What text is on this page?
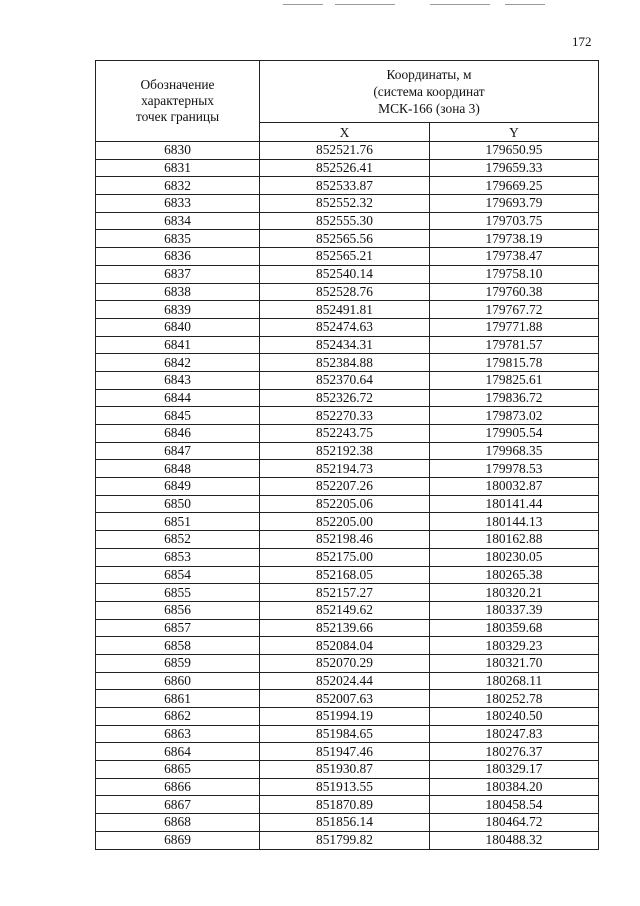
172
Обозначение
характерных
точек границы	Координаты, м
(система координат
МСК-166 (зона 3)	

	X	Y
6830	852521.76	179650.95
6831	852526.41	179659.33
6832	852533.87	179669.25
6833	852552.32	179693.79
6834	852555.30	179703.75
6835	852565.56	179738.19
6836	852565.21	179738.47
6837	852540.14	179758.10
6838	852528.76	179760.38
6839	852491.81	179767.72
6840	852474.63	179771.88
6841	852434.31	179781.57
6842	852384.88	179815.78
6843	852370.64	179825.61
6844	852326.72	179836.72
6845	852270.33	179873.02
6846	852243.75	179905.54
6847	852192.38	179968.35
6848	852194.73	179978.53
6849	852207.26	180032.87
6850	852205.06	180141.44
6851	852205.00	180144.13
6852	852198.46	180162.88
6853	852175.00	180230.05
6854	852168.05	180265.38
6855	852157.27	180320.21
6856	852149.62	180337.39
6857	852139.66	180359.68
6858	852084.04	180329.23
6859	852070.29	180321.70
6860	852024.44	180268.11
6861	852007.63	180252.78
6862	851994.19	180240.50
6863	851984.65	180247.83
6864	851947.46	180276.37
6865	851930.87	180329.17
6866	851913.55	180384.20
6867	851870.89	180458.54
6868	851856.14	180464.72
6869	851799.82	180488.32
